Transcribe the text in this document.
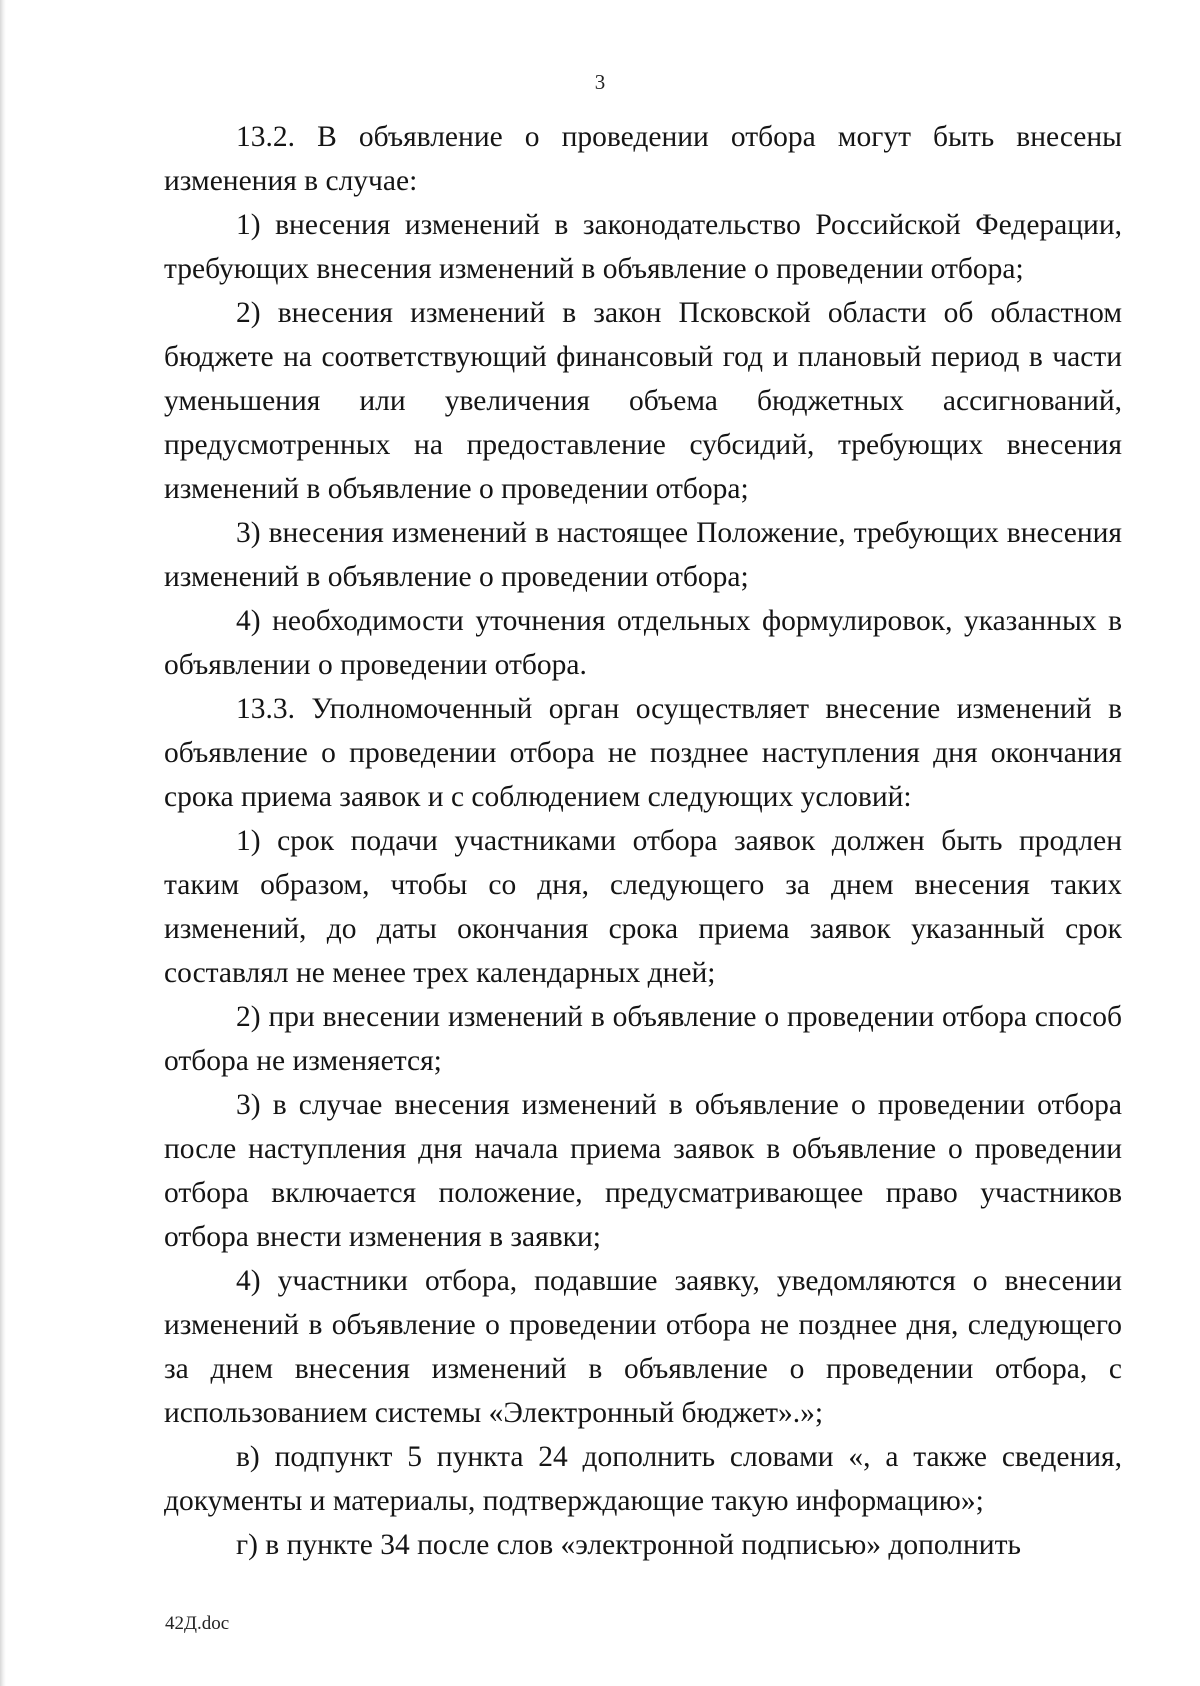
3

13.2. В объявление о проведении отбора могут быть внесены изменения в случае:

1) внесения изменений в законодательство Российской Федерации, требующих внесения изменений в объявление о проведении отбора;

2) внесения изменений в закон Псковской области об областном бюджете на соответствующий финансовый год и плановый период в части уменьшения или увеличения объема бюджетных ассигнований, предусмотренных на предоставление субсидий, требующих внесения изменений в объявление о проведении отбора;

3) внесения изменений в настоящее Положение, требующих внесения изменений в объявление о проведении отбора;

4) необходимости уточнения отдельных формулировок, указанных в объявлении о проведении отбора.

13.3. Уполномоченный орган осуществляет внесение изменений в объявление о проведении отбора не позднее наступления дня окончания срока приема заявок и с соблюдением следующих условий:

1) срок подачи участниками отбора заявок должен быть продлен таким образом, чтобы со дня, следующего за днем внесения таких изменений, до даты окончания срока приема заявок указанный срок составлял не менее трех календарных дней;

2) при внесении изменений в объявление о проведении отбора способ отбора не изменяется;

3) в случае внесения изменений в объявление о проведении отбора после наступления дня начала приема заявок в объявление о проведении отбора включается положение, предусматривающее право участников отбора внести изменения в заявки;

4) участники отбора, подавшие заявку, уведомляются о внесении изменений в объявление о проведении отбора не позднее дня, следующего за днем внесения изменений в объявление о проведении отбора, с использованием системы «Электронный бюджет».»;

в) подпункт 5 пункта 24 дополнить словами «, а также сведения, документы и материалы, подтверждающие такую информацию»;

г) в пункте 34 после слов «электронной подписью» дополнить

42Д.doc
